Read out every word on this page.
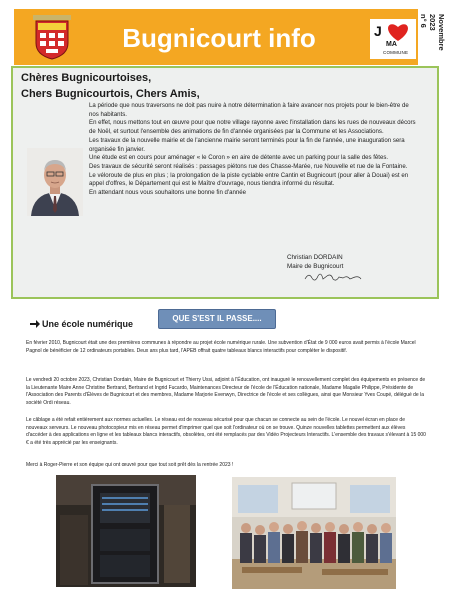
Bugnicourt info	J
MA
COMMUNE
Novembre 2023
n° 6
Chères Bugnicourtoises,
Chers Bugnicourtois, Chers Amis,

La période que nous traversons ne doit pas nuire à notre détermination à faire avancer nos projets pour le bien-être de nos habitants.

En effet, nous mettons tout en œuvre pour que notre village rayonne avec l'installation dans les rues de nouveaux décors de Noël, et surtout l'ensemble des animations de fin d'année organisées par la Commune et les Associations.

Les travaux de la nouvelle mairie et de l'ancienne mairie seront terminés pour la fin de l'année, une inauguration sera organisée fin janvier.

Une étude est en cours pour aménager « le Coron » en aire de détente avec un parking pour la salle des fêtes.

Des travaux de sécurité seront réalisés : passages piétons rue des Chasse-Marée, rue Nouvelle et rue de la Fontaine.

Le véloroute de plus en plus ; la prolongation de la piste cyclable entre Cantin et Bugnicourt (pour aller à Douai) est en appel d'offres, le Département qui est le Maître d'ouvrage, nous tiendra informé du résultat.

En attendant nous vous souhaitons une bonne fin d'année

Christian DORDAIN
Maire de Bugnicourt
QUE S'EST IL PASSE....
Une école numérique
En février 2010, Bugnicourt était une des premières communes à répondre au projet école numérique rurale. Une subvention d'État de 9 000 euros avait permis à l'école Marcel Pagnol de bénéficier de 12 ordinateurs portables. Deux ans plus tard, l'APEB offrait quatre tableaux blancs interactifs pour compléter le dispositif.
Le vendredi 20 octobre 2023, Christian Dordain, Maire de Bugnicourt et Thierry Ussi, adjoint à l'Éducation, ont inauguré le renouvellement complet des équipements en présence de la Lieutenante Maire Anne Christine Bertrand, Bertrand et Ingrid Fucardo, Maintenances Directeur de l'école de l'Éducation nationale, Madame Magalie Philippe, Présidente de l'Association des Parents d'Élèves de Bugnicourt et des membres, Madame Marjorie Evenwyn, Directrice de l'école et ses collègues, ainsi que Monsieur Yves Coupé, délégué de la société Ordi réseau.
Le câblage a été refait entièrement aux normes actuelles. Le réseau est de nouveau sécurisé pour que chacun se connecte au sein de l'école. Le nouvel écran en place de nouveaux serveurs. Le nouveau photocopieur mis en réseau permet d'imprimer quel que soit l'ordinateur où on se trouve. Quinze nouvelles tablettes permettent aux élèves d'accéder à des applications en ligne et les tableaux blancs interactifs, obsolètes, ont été remplacés par des Vidéo Projecteurs Interactifs. L'ensemble des travaux s'élevant à 15 000 € a été très apprécié par les enseignants.
Merci à Roger-Pierre et son équipe qui ont œuvré pour que tout soit prêt dès la rentrée 2023 !
